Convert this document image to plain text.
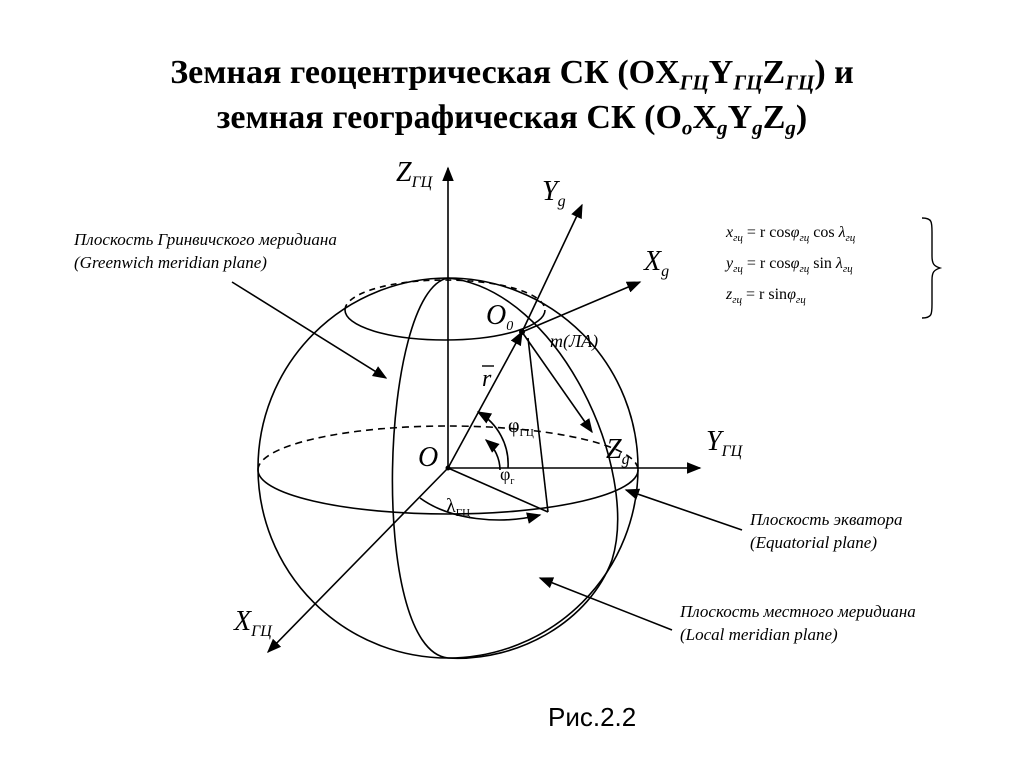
Земная геоцентрическая СК $(OX_{ГЦ}Y_{ГЦ}Z_{ГЦ})$ и
земная географическая СК $(O_oX_gY_gZ_g)$
$Z_{ГЦ}$
$Y_{ГЦ}$
$X_{ГЦ}$
$Y_g$
$X_g$
$Z_g$
O
$O_0$
m(ЛА)
r
$\varphi_{ГЦ}$
$\varphi_г$
$\lambda_{ГЦ}$
Плоскость Гринвичского меридиана
(Greenwich meridian plane)
Плоскость экватора
(Equatorial plane)
Плоскость местного меридиана
(Local meridian plane)
$x_{гц} = r$ cosφ$_{гц}$ $\cos \lambda_{гц}$
$y_{гц} = r$ cosφ$_{гц}$ $\sin \lambda_{гц}$
$z_{гц} = r$ sinφ$_{гц}$
Рис.2.2
